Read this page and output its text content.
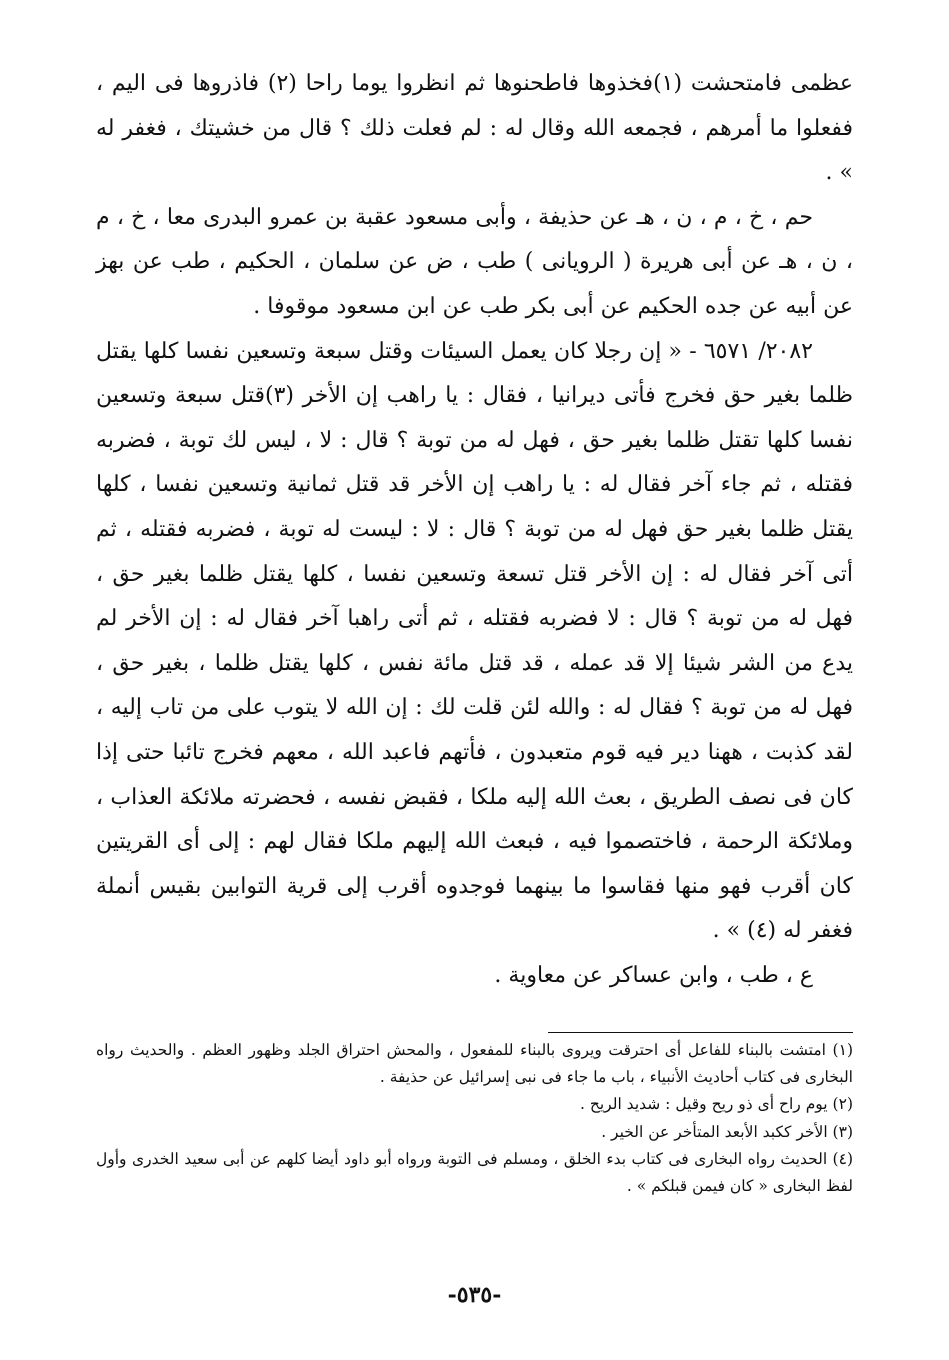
عظمى فامتحشت (١)فخذوها فاطحنوها ثم انظروا يوما راحا (٢) فاذروها فى اليم ، ففعلوا ما أمرهم ، فجمعه الله وقال له : لم فعلت ذلك ؟ قال من خشيتك ، فغفر له » .

حم ، خ ، م ، ن ، هـ عن حذيفة ، وأبى مسعود عقبة بن عمرو البدرى معا ، خ ، م ، ن ، هـ عن أبى هريرة ( الرويانى ) طب ، ض عن سلمان ، الحكيم ، طب عن بهز عن أبيه عن جده الحكيم عن أبى بكر طب عن ابن مسعود موقوفا .

٢٠٨٢/ ٦٥٧١ - « إن رجلا كان يعمل السيئات وقتل سبعة وتسعين نفسا كلها يقتل ظلما بغير حق فخرج فأتى ديرانيا ، فقال : يا راهب إن الأخر (٣)قتل سبعة وتسعين نفسا كلها تقتل ظلما بغير حق ، فهل له من توبة ؟ قال : لا ، ليس لك توبة ، فضربه فقتله ، ثم جاء آخر فقال له : يا راهب إن الأخر قد قتل ثمانية وتسعين نفسا ، كلها يقتل ظلما بغير حق فهل له من توبة ؟ قال : لا : ليست له توبة ، فضربه فقتله ، ثم أتى آخر فقال له : إن الأخر قتل تسعة وتسعين نفسا ، كلها يقتل ظلما بغير حق ، فهل له من توبة ؟ قال : لا فضربه فقتله ، ثم أتى راهبا آخر فقال له : إن الأخر لم يدع من الشر شيئا إلا قد عمله ، قد قتل مائة نفس ، كلها يقتل ظلما ، بغير حق ، فهل له من توبة ؟ فقال له : والله لئن قلت لك : إن الله لا يتوب على من تاب إليه ، لقد كذبت ، ههنا دير فيه قوم متعبدون ، فأتهم فاعبد الله ، معهم فخرج تائبا حتى إذا كان فى نصف الطريق ، بعث الله إليه ملكا ، فقبض نفسه ، فحضرته ملائكة العذاب ، وملائكة الرحمة ، فاختصموا فيه ، فبعث الله إليهم ملكا فقال لهم : إلى أى القريتين كان أقرب فهو منها فقاسوا ما بينهما فوجدوه أقرب إلى قرية التوابين بقيس أنملة فغفر له (٤) » .

ع ، طب ، وابن عساكر عن معاوية .

(١) امتشت بالبناء للفاعل أى احترقت ويروى بالبناء للمفعول ، والمحش احتراق الجلد وظهور العظم . والحديث رواه البخارى فى كتاب أحاديث الأنبياء ، باب ما جاء فى نبى إسرائيل عن حذيفة .

(٢) يوم راح أى ذو ريح وقيل : شديد الريح .

(٣) الأخر ككبد الأبعد المتأخر عن الخير .

(٤) الحديث رواه البخارى فى كتاب بدء الخلق ، ومسلم فى التوبة ورواه أبو داود أيضا كلهم عن أبى سعيد الخدرى وأول لفظ البخارى « كان فيمن قبلكم » .

-٥٣٥-
